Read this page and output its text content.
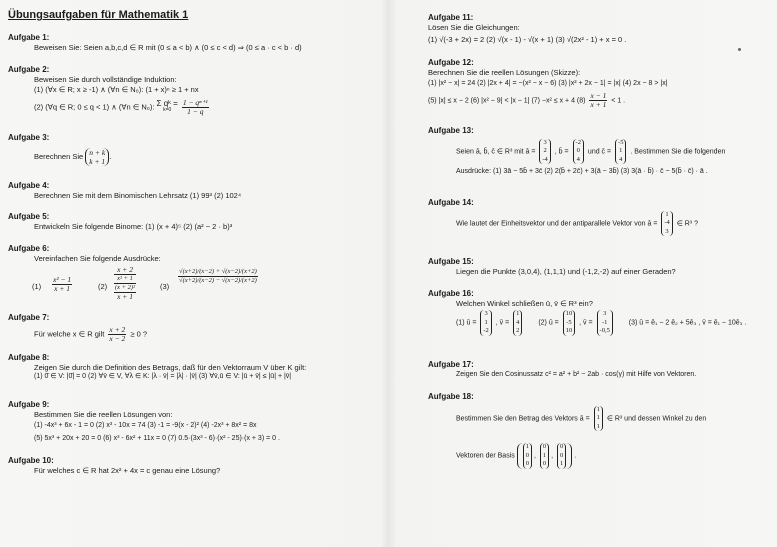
Übungsaufgaben für Mathematik 1
Aufgabe 1:
Beweisen Sie: Seien a,b,c,d ∈ R mit (0 ≤ a < b) ∧ (0 ≤ c < d) ⇒ (0 ≤ a · c < b · d)
Aufgabe 2:
Beweisen Sie durch vollständige Induktion:
(1) (∀x ∈ R; x ≥ -1) ∧ (∀n ∈ N₀): (1 + x)ⁿ ≥ 1 + nx
(2) (∀q ∈ R; 0 ≤ q < 1) ∧ (∀n ∈ N₀): Σ qᵏ =
k=0
	$\frac{\text{1 − qⁿ⁺¹}}{1 - q}$
Aufgabe 3:
Berechnen Sie n + k
k + 1
.
Aufgabe 4:
Berechnen Sie mit dem Binomischen Lehrsatz (1) 99³ (2) 102⁴
Aufgabe 5:
Entwickeln Sie folgende Binome: (1) (x + 4)⁵ (2) (a² − 2 · b)³
Aufgabe 6:
Vereinfachen Sie folgende Ausdrücke:
$(1) \frac{\text{x² − 1}}{x + 1}$	(2)
x + 2
x² + 1
(x + 2)²
x + 1
(3)
$\frac{√(x+2)/(x-2) + √(x-2)/(x+2)}{√(x+2)/(x-2) - √(x-2)/(x+2)}$
Aufgabe 7:
Für welche x ∈ R gilt $\frac{x + 2}{x - 2} \ge 0$ ?
Aufgabe 8:
Zeigen Sie durch die Definition des Betrags, daß für den Vektorraum V über K gilt:
(1) 0̄ ∈ V: |0̄| = 0 (2) ∀v̄ ∈ V, ∀λ ∈ K: |λ · v̄| = |λ| · |v̄| (3) ∀v̄,ū ∈ V: |ū + v̄| ≤ |ū| + |v̄|
Aufgabe 9:
Bestimmen Sie die reellen Lösungen von:
(1) -4x³ + 6x - 1 = 0 (2) x³ - 10x = 74 (3) -1 = -9(x - 2)² (4) -2x³ + 8x² = 8x
(5) 5x³ + 20x + 20 = 0 (6) x³ - 6x² + 11x = 0 (7) 0.5·(3x³ - 6)·(x² - 25)·(x + 3) = 0 .
Aufgabe 10:
Für welches c ∈ R hat 2x² + 4x = c genau eine Lösung?
Aufgabe 11:
Lösen Sie die Gleichungen:
(1) √(-3 + 2x) = 2 (2) √(x - 1) - √(x + 1) (3) √(2x² - 1) + x = 0 .
Aufgabe 12:
Berechnen Sie die reellen Lösungen (Skizze):
(1) |x² − x| = 24 (2) |2x + 4| = −(x² − x − 6) (3) |x² + 2x − 1| = |x| (4) 2x − 8 > |x|
(5) |x| ≤ x − 2 (6) |x² − 9| < |x − 1| (7) −x² ≤ x + 4 $(8) \frac{x - 1}{x + 1} < 1$ .
Aufgabe 13:
Seien ā, b̄, c̄ ∈ R³ mit ā =
3
2
-4
, b̄ =
-2
0
4
und c̄ =
-5
1
4
. Bestimmen Sie die folgenden
Ausdrücke: (1) 3ā − 5b̄ + 3c̄ (2) 2(b̄ + 2c̄) + 3(ā − 3b̄) (3) 3(ā · b̄) · c̄ − 5(b̄ · c̄) · ā .
Aufgabe 14:
Wie lautet der Einheitsvektor und der antiparallele Vektor von ā =
1
-4
3
∈ R³ ?
Aufgabe 15:
Liegen die Punkte (3,0,4), (1,1,1) und (-1,2,-2) auf einer Geraden?
Aufgabe 16:
Welchen Winkel schließen ū, v̄ ∈ R³ ein?
(1) ū =
3
1
-2
, v̄ =
1
4
2
(2) ū =
10
-5
10
, v̄ =
3
-1
-0,5
(3) ū = ē₁ − 2 ē₂ + 5ē₃ , v̄ = ē₁ − 10ē₃ .
Aufgabe 17:
Zeigen Sie den Cosinussatz c² = a² + b² − 2ab · cos(γ) mit Hilfe von Vektoren.
Aufgabe 18:
Bestimmen Sie den Betrag des Vektors ā =
1
1
1
∈ R³ und dessen Winkel zu den
Vektoren der Basis
1
0
0
,
0
1
0
,
0
0
1
.
